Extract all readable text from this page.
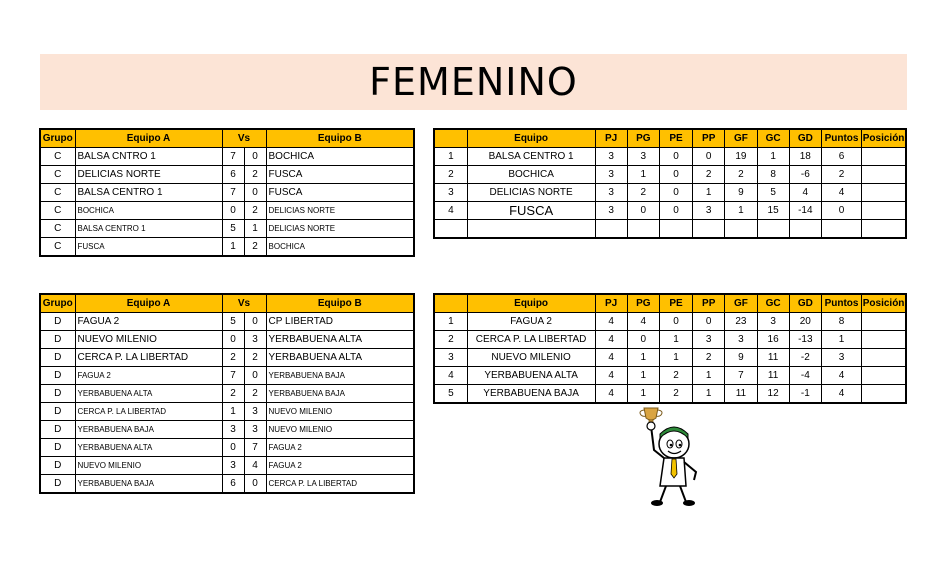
FEMENINO
Grupo	Equipo A	Vs		Equipo B
C	BALSA CNTRO 1	7	0	BOCHICA
C	DELICIAS NORTE	6	2	FUSCA
C	BALSA CENTRO 1	7	0	FUSCA
C	BOCHICA	0	2	DELICIAS NORTE
C	BALSA CENTRO 1	5	1	DELICIAS NORTE
C	FUSCA	1	2	BOCHICA
	Equipo	PJ	PG	PE	PP	GF	GC	GD	Puntos	Posición
1	BALSA CENTRO 1	3	3	0	0	19	1	18	6	
2	BOCHICA	3	1	0	2	2	8	-6	2	
3	DELICIAS NORTE	3	2	0	1	9	5	4	4	
4	FUSCA	3	0	0	3	1	15	-14	0	

Grupo	Equipo A	Vs		Equipo B
D	FAGUA 2	5	0	CP LIBERTAD
D	NUEVO MILENIO	0	3	YERBABUENA ALTA
D	CERCA P. LA LIBERTAD	2	2	YERBABUENA ALTA
D	FAGUA 2	7	0	YERBABUENA BAJA
D	YERBABUENA ALTA	2	2	YERBABUENA BAJA
D	CERCA P. LA LIBERTAD	1	3	NUEVO MILENIO
D	YERBABUENA BAJA	3	3	NUEVO MILENIO
D	YERBABUENA ALTA	0	7	FAGUA 2
D	NUEVO MILENIO	3	4	FAGUA 2
D	YERBABUENA BAJA	6	0	CERCA P. LA LIBERTAD
	Equipo	PJ	PG	PE	PP	GF	GC	GD	Puntos	Posición
1	FAGUA 2	4	4	0	0	23	3	20	8	
2	CERCA P. LA LIBERTAD	4	0	1	3	3	16	-13	1	
3	NUEVO MILENIO	4	1	1	2	9	11	-2	3	
4	YERBABUENA ALTA	4	1	2	1	7	11	-4	4	
5	YERBABUENA BAJA	4	1	2	1	11	12	-1	4	
